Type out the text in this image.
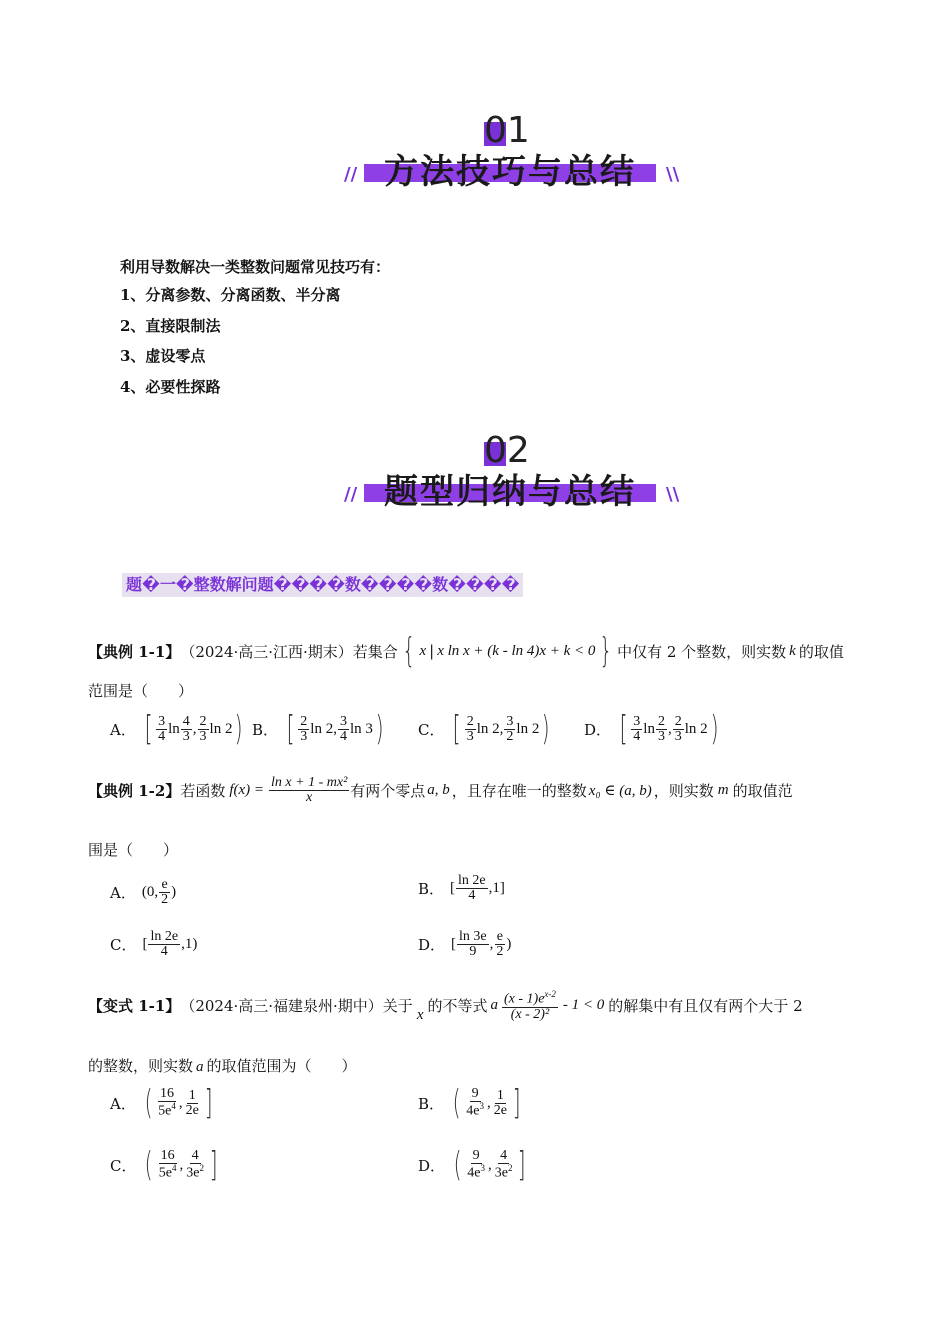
01
// 方法技巧与总结	\\
利用导数解决一类整数问题常见技巧有：
1、分离参数、分离函数、半分离
2、直接限制法
3、虚设零点
4、必要性探路
02
// 题型归纳与总结	\\
题�一�整数解问题����数����数����
【典例 1-1】 （2024·高三·江西·期末）若集合 { x | x ln x + (k - ln 4)x + k < 0 } 中仅有 2 个整数，则实数 k 的取值
范围是（　　）
A． [ $\frac{3}{4}$ $\ln \frac{4}{3}$ , $\frac{2}{3}$ ln 2 ) B． [ $\frac{2}{3}$ ln 2 , $\frac{3}{4}$ ln 3 ) C． [ $\frac{2}{3}$ ln 2 , $\frac{3}{2}$ ln 2 ) D． [ $\frac{3}{4}$ $\ln \frac{2}{3}$ , $\frac{2}{3}$ ln 2 )
【典例 1-2】 若函数 $f(x) = \frac{\text{ln x + 1 - mx²}}{x}$ 有两个零点 a, b ，且存在唯一的整数 x₀ ∈ (a, b) ，则实数 m 的取值范
围是（　　）
A． (0, $\frac{e}{2}$ )	B． [ $\frac{\ln 2e}{4} ,1$]
C． [ $\frac{\ln 2e}{4} ,1$)	D． [ $\frac{\ln 3e}{9}$ , $\frac{e}{2}$ )
【变式 1-1】 （2024·高三·福建泉州·期中）关于 x 的不等式 a $\frac{(x - 1)e^{x-2}}{\text{(x - 2)²}} - 1 < 0$ 的解集中有且仅有两个大于 2
的整数，则实数 a 的取值范围为（　　）
A． ( $\frac{16}{5e^4}$ , $\frac{1}{2e}$ ]	B． ( $\frac{9}{4e^3}$ , $\frac{1}{2e}$ ]
C． ( $\frac{16}{5e^4}$ , $\frac{4}{3e^2}$ ]	D． ( $\frac{9}{4e^3}$ , $\frac{4}{3e^2}$ ]
